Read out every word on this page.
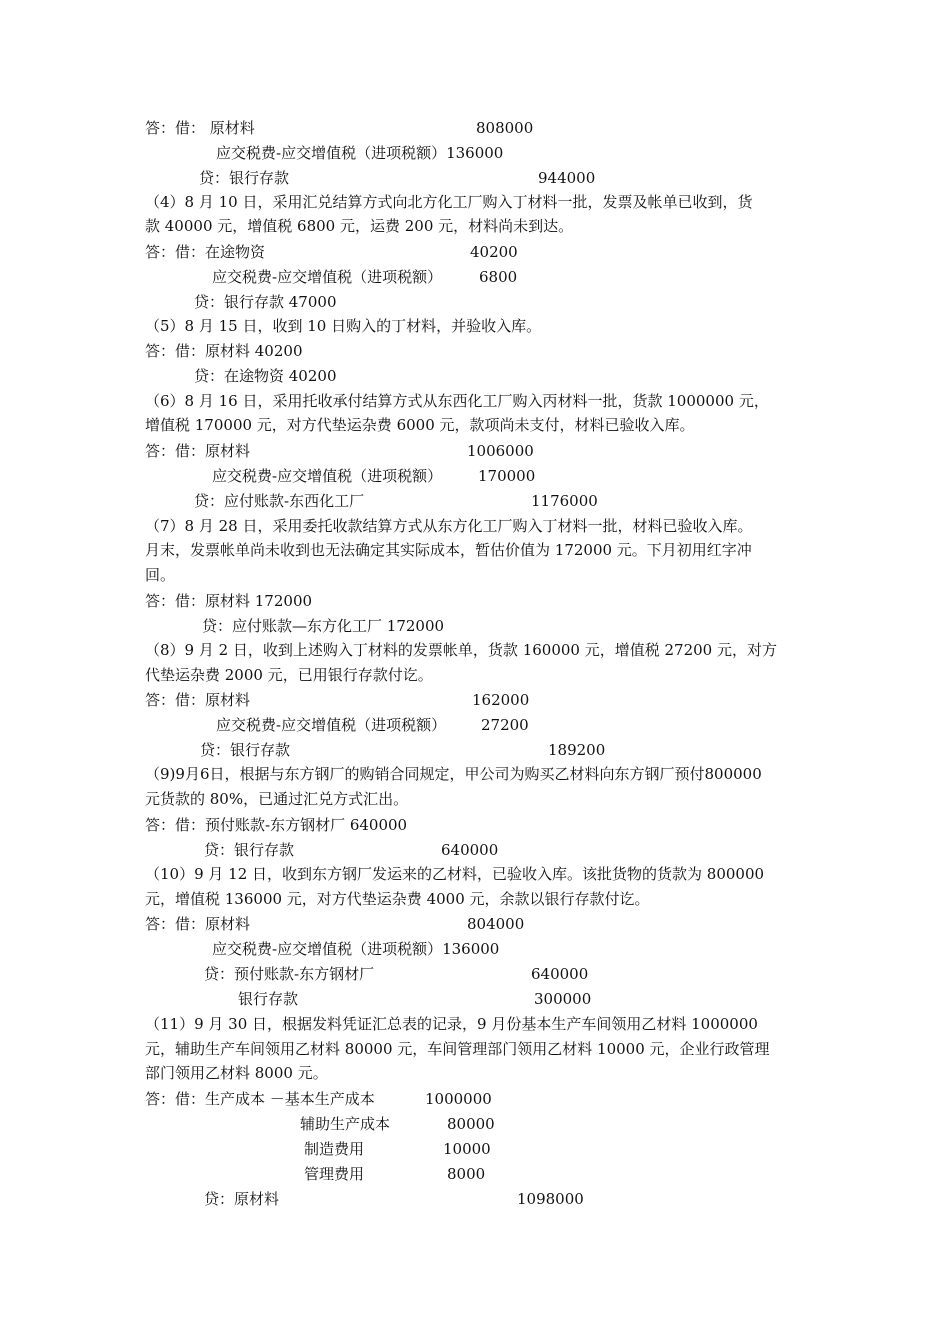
答：借： 原材料	808000
应交税费-应交增值税（进项税额）136000
贷：银行存款	944000
（4）8 月 10 日，采用汇兑结算方式向北方化工厂购入丁材料一批，发票及帐单已收到，货
款 40000 元，增值税 6800 元，运费 200 元，材料尚未到达。
答：借：在途物资	40200
应交税费-应交增值税（进项税额） 6800
贷：银行存款 47000
（5）8 月 15 日，收到 10 日购入的丁材料，并验收入库。
答：借：原材料 40200
贷：在途物资 40200
（6）8 月 16 日，采用托收承付结算方式从东西化工厂购入丙材料一批，货款 1000000 元，
增值税 170000 元，对方代垫运杂费 6000 元，款项尚未支付，材料已验收入库。
答：借：原材料	1006000
应交税费-应交增值税（进项税额） 170000
贷：应付账款-东西化工厂	1176000
（7）8 月 28 日，采用委托收款结算方式从东方化工厂购入丁材料一批，材料已验收入库。
月末，发票帐单尚未收到也无法确定其实际成本，暂估价值为 172000 元。下月初用红字冲
回。
答：借：原材料 172000
贷：应付账款—东方化工厂 172000
（8）9 月 2 日，收到上述购入丁材料的发票帐单，货款 160000 元，增值税 27200 元，对方
代垫运杂费 2000 元，已用银行存款付讫。
答：借：原材料	162000
应交税费-应交增值税（进项税额） 27200
贷：银行存款	189200
（9)9月6日，根据与东方钢厂的购销合同规定，甲公司为购买乙材料向东方钢厂预付800000
元货款的 80%，已通过汇兑方式汇出。
答：借：预付账款-东方钢材厂 640000
贷：银行存款	640000
（10）9 月 12 日，收到东方钢厂发运来的乙材料，已验收入库。该批货物的货款为 800000
元，增值税 136000 元，对方代垫运杂费 4000 元，余款以银行存款付讫。
答：借：原材料	804000
应交税费-应交增值税（进项税额）136000
贷：预付账款-东方钢材厂	640000
银行存款	300000
（11）9 月 30 日，根据发料凭证汇总表的记录，9 月份基本生产车间领用乙材料 1000000
元，辅助生产车间领用乙材料 80000 元，车间管理部门领用乙材料 10000 元，企业行政管理
部门领用乙材料 8000 元。
答：借：生产成本 －基本生产成本	1000000
辅助生产成本	80000
制造费用	10000
管理费用	8000
贷：原材料	1098000
